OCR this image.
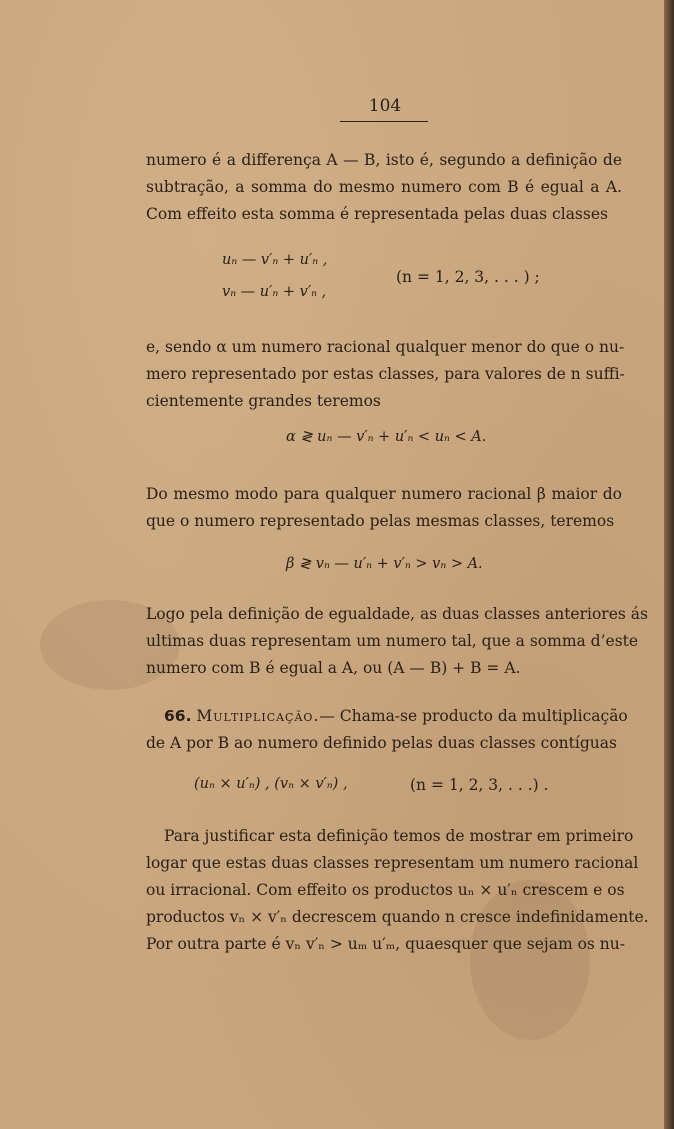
104
numero é a differença A — B, isto é, segundo a definição de
subtração, a somma do mesmo numero com B é egual a A.
Com effeito esta somma é representada pelas duas classes
uₙ — v′ₙ + u′ₙ ,
vₙ — u′ₙ + v′ₙ ,
(n = 1, 2, 3, . . . ) ;
e, sendo α um numero racional qualquer menor do que o nu-
mero representado por estas classes, para valores de n suffi-
cientemente grandes teremos
α ≷ uₙ — v′ₙ + u′ₙ < uₙ < A.
Do mesmo modo para qualquer numero racional β maior do
que o numero representado pelas mesmas classes, teremos
β ≷ vₙ — u′ₙ + v′ₙ > vₙ > A.
Logo pela definição de egualdade, as duas classes anteriores ás
ultimas duas representam um numero tal, que a somma d’este
numero com B é egual a A, ou (A — B) + B = A.
66. Multiplicação.— Chama-se producto da multiplicação
de A por B ao numero definido pelas duas classes contíguas
(uₙ × u′ₙ) , (vₙ × v′ₙ) ,	(n = 1, 2, 3, . . .) .
Para justificar esta definição temos de mostrar em primeiro
logar que estas duas classes representam um numero racional
ou irracional. Com effeito os productos uₙ × u′ₙ crescem e os
productos vₙ × v′ₙ decrescem quando n cresce indefinidamente.
Por outra parte é vₙ v′ₙ > uₘ u′ₘ, quaesquer que sejam os nu-
